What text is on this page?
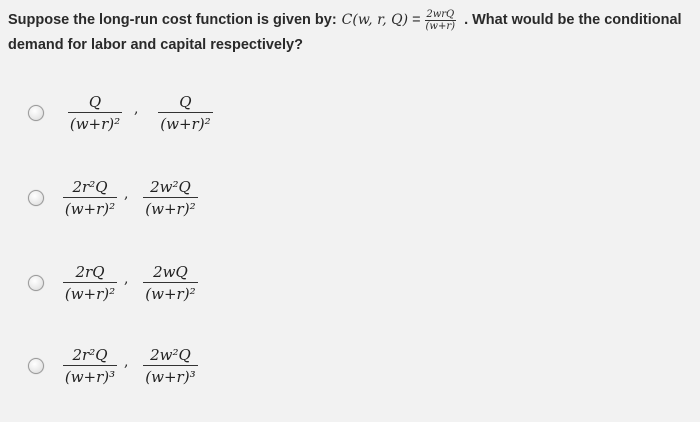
Suppose the long-run cost function is given by: C(w, r, $Q) = \frac{\text{2wrQ}}{(w+r)}$ . What would be the conditional
demand for labor and capital respectively?
$\frac{Q}{\text{(w+r)²}}$ , $\frac{Q}{\text{(w+r)²}}$
$\frac{\text{2r²Q}}{\text{(w+r)²}}$ , $\frac{\text{2w²Q}}{\text{(w+r)²}}$
$\frac{2rQ}{\text{(w+r)²}}$ , $\frac{2wQ}{\text{(w+r)²}}$
$\frac{\text{2r²Q}}{\text{(w+r)³}}$ , $\frac{\text{2w²Q}}{\text{(w+r)³}}$
